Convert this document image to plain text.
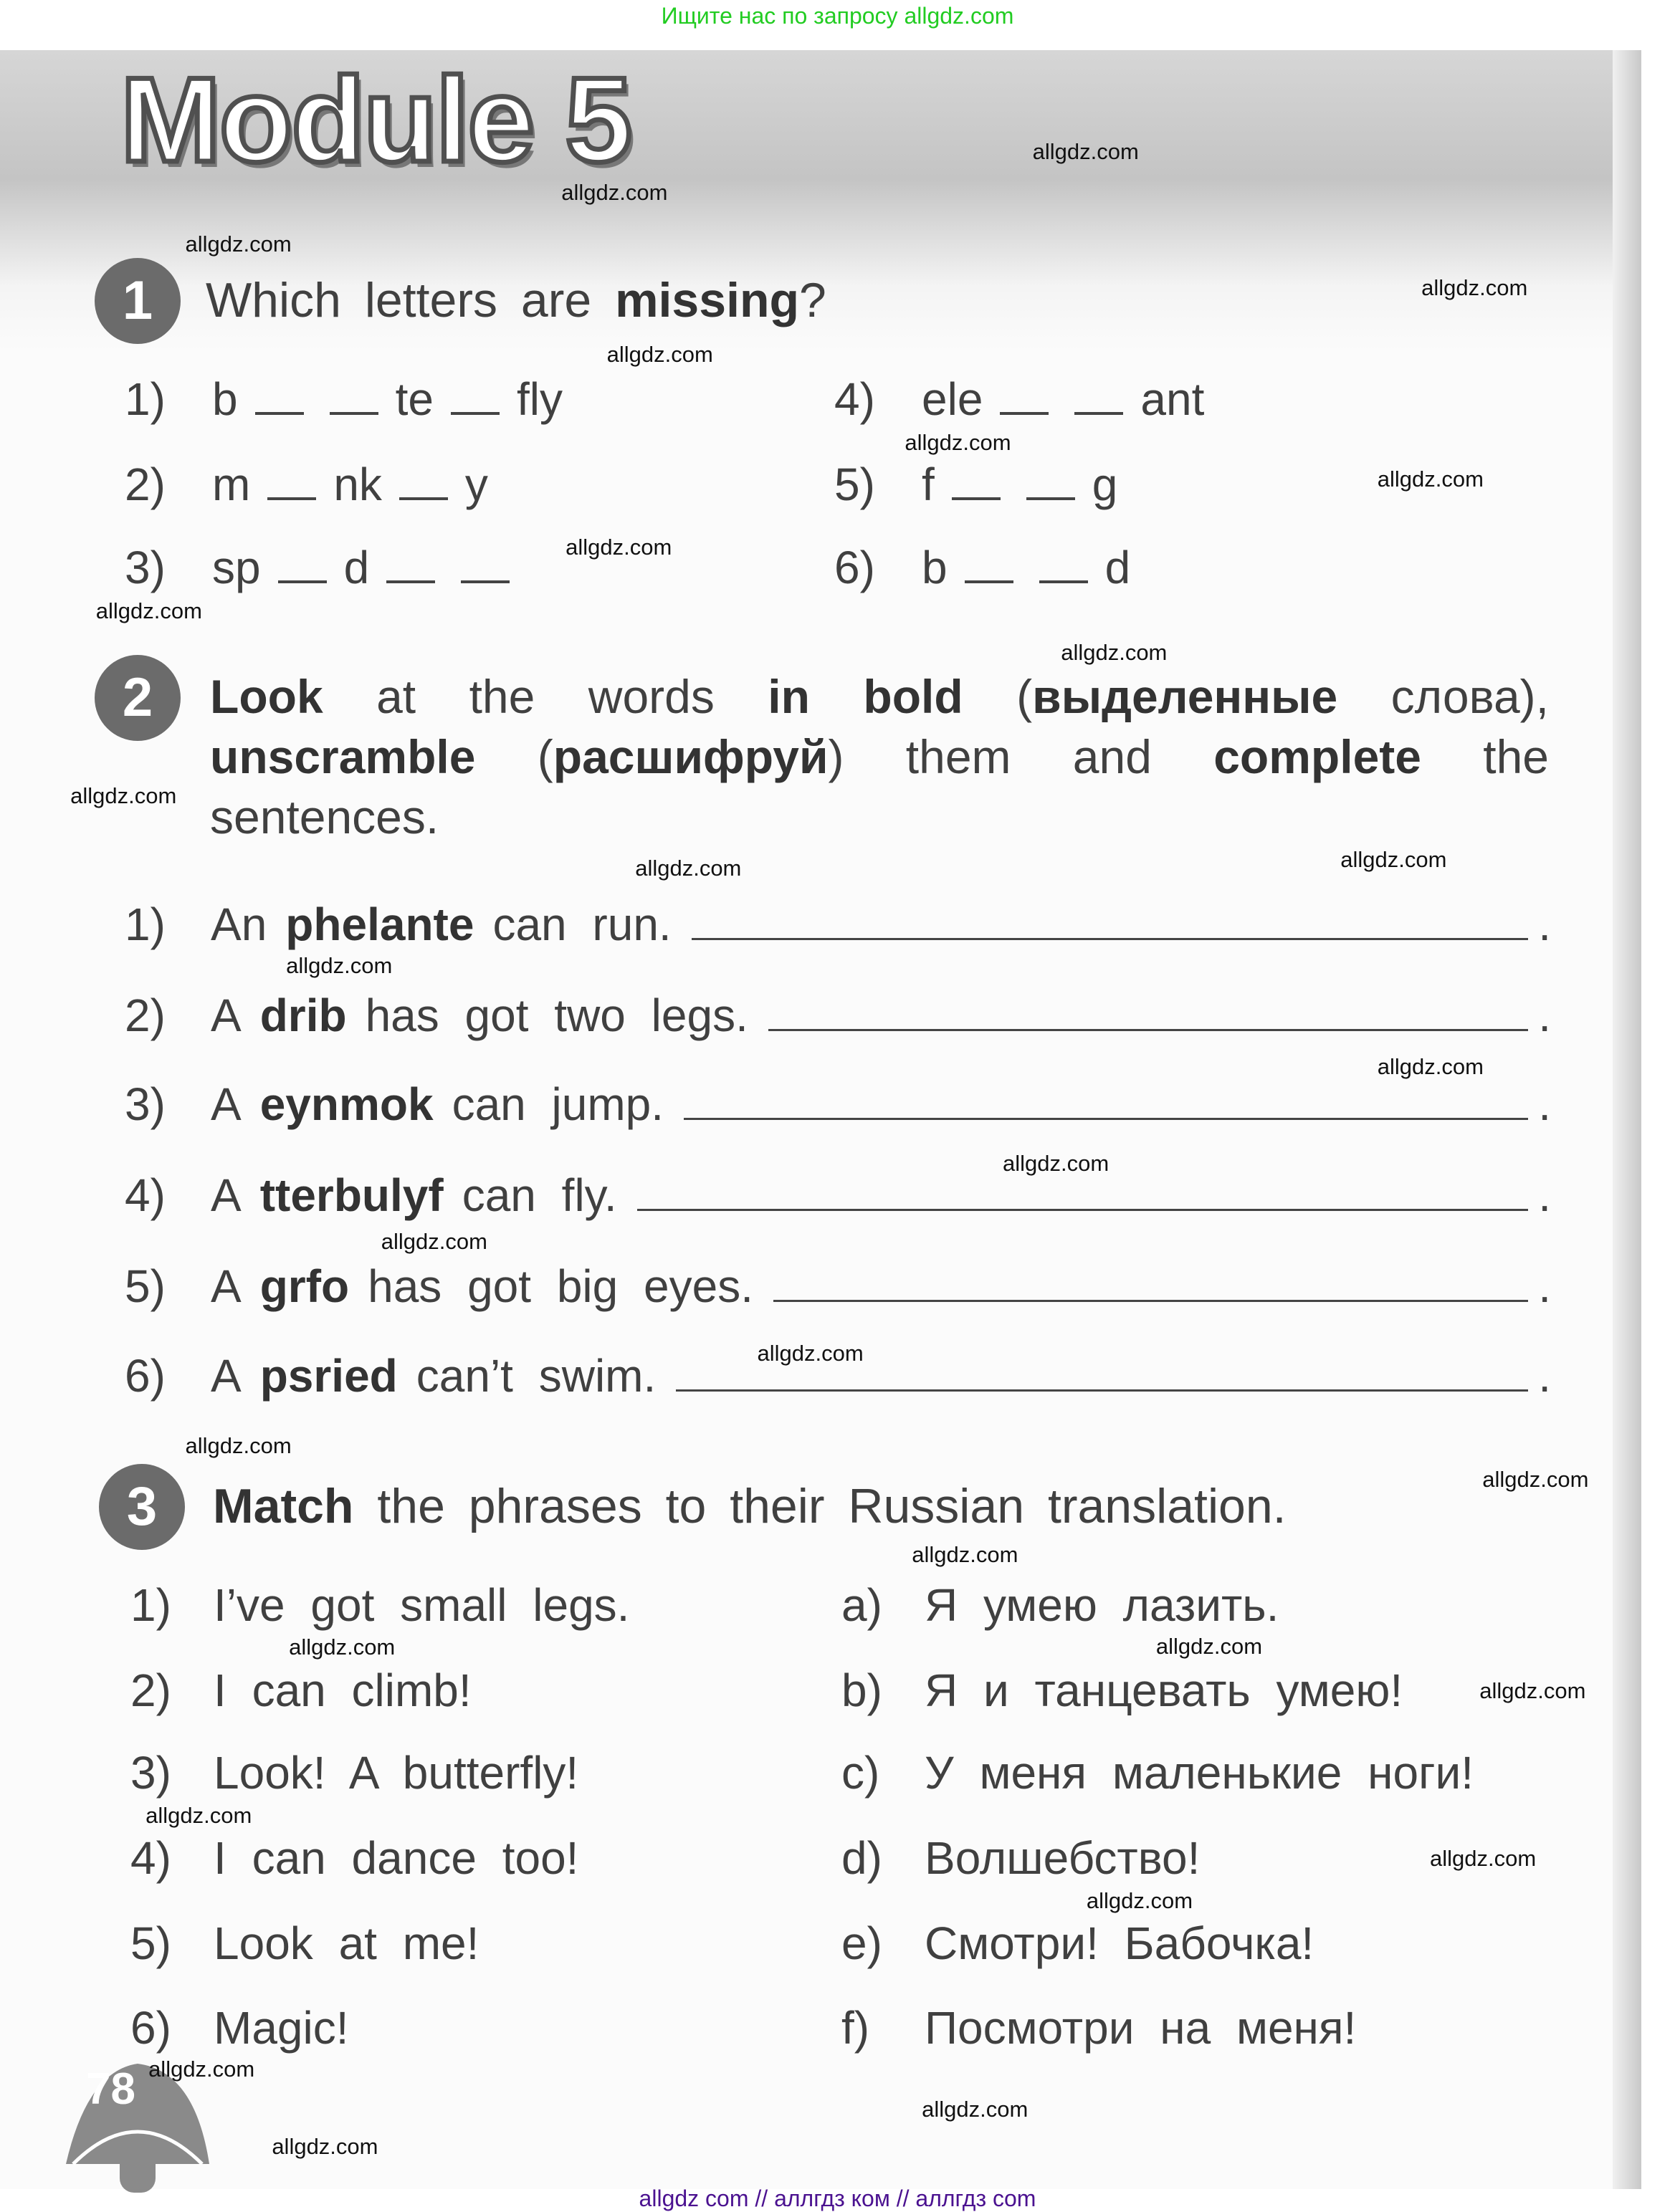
Ищите нас по запросу allgdz.com
Module 5
1	Which letters are missing?
1) b	te fly
2) m nk y
3) sp d
4) ele	ant
5) f	g
6) b	d
2	Look at the words in bold (выделенные слова), unscramble (расшифруй) them and complete the sentences.
1) An phelante can run.	.
2) A drib has got two legs.	.
3) A eynmok can jump.	.
4) A tterbulyf can fly.	.
5) A grfo has got big eyes.	.
6) A psried can’t swim.	.
3	Match the phrases to their Russian translation.
1) I’ve got small legs.
2) I can climb!
3) Look! A butterfly!
4) I can dance too!
5) Look at me!
6) Magic!
a) Я умею лазить.
b) Я и танцевать умею!
c) У меня маленькие ноги!
d) Волшебство!
e) Смотри! Бабочка!
f) Посмотри на меня!
78
allgdz.com
allgdz.com
allgdz.com
allgdz.com
allgdz.com
allgdz.com
allgdz.com
allgdz.com
allgdz.com
allgdz.com
allgdz.com
allgdz.com
allgdz.com
allgdz.com
allgdz.com
allgdz.com
allgdz.com
allgdz.com
allgdz.com
allgdz.com
allgdz.com
allgdz.com
allgdz.com
allgdz.com
allgdz.com
allgdz.com
allgdz.com
allgdz.com
allgdz.com
allgdz.com
allgdz com // аллгдз ком // аллгдз com
